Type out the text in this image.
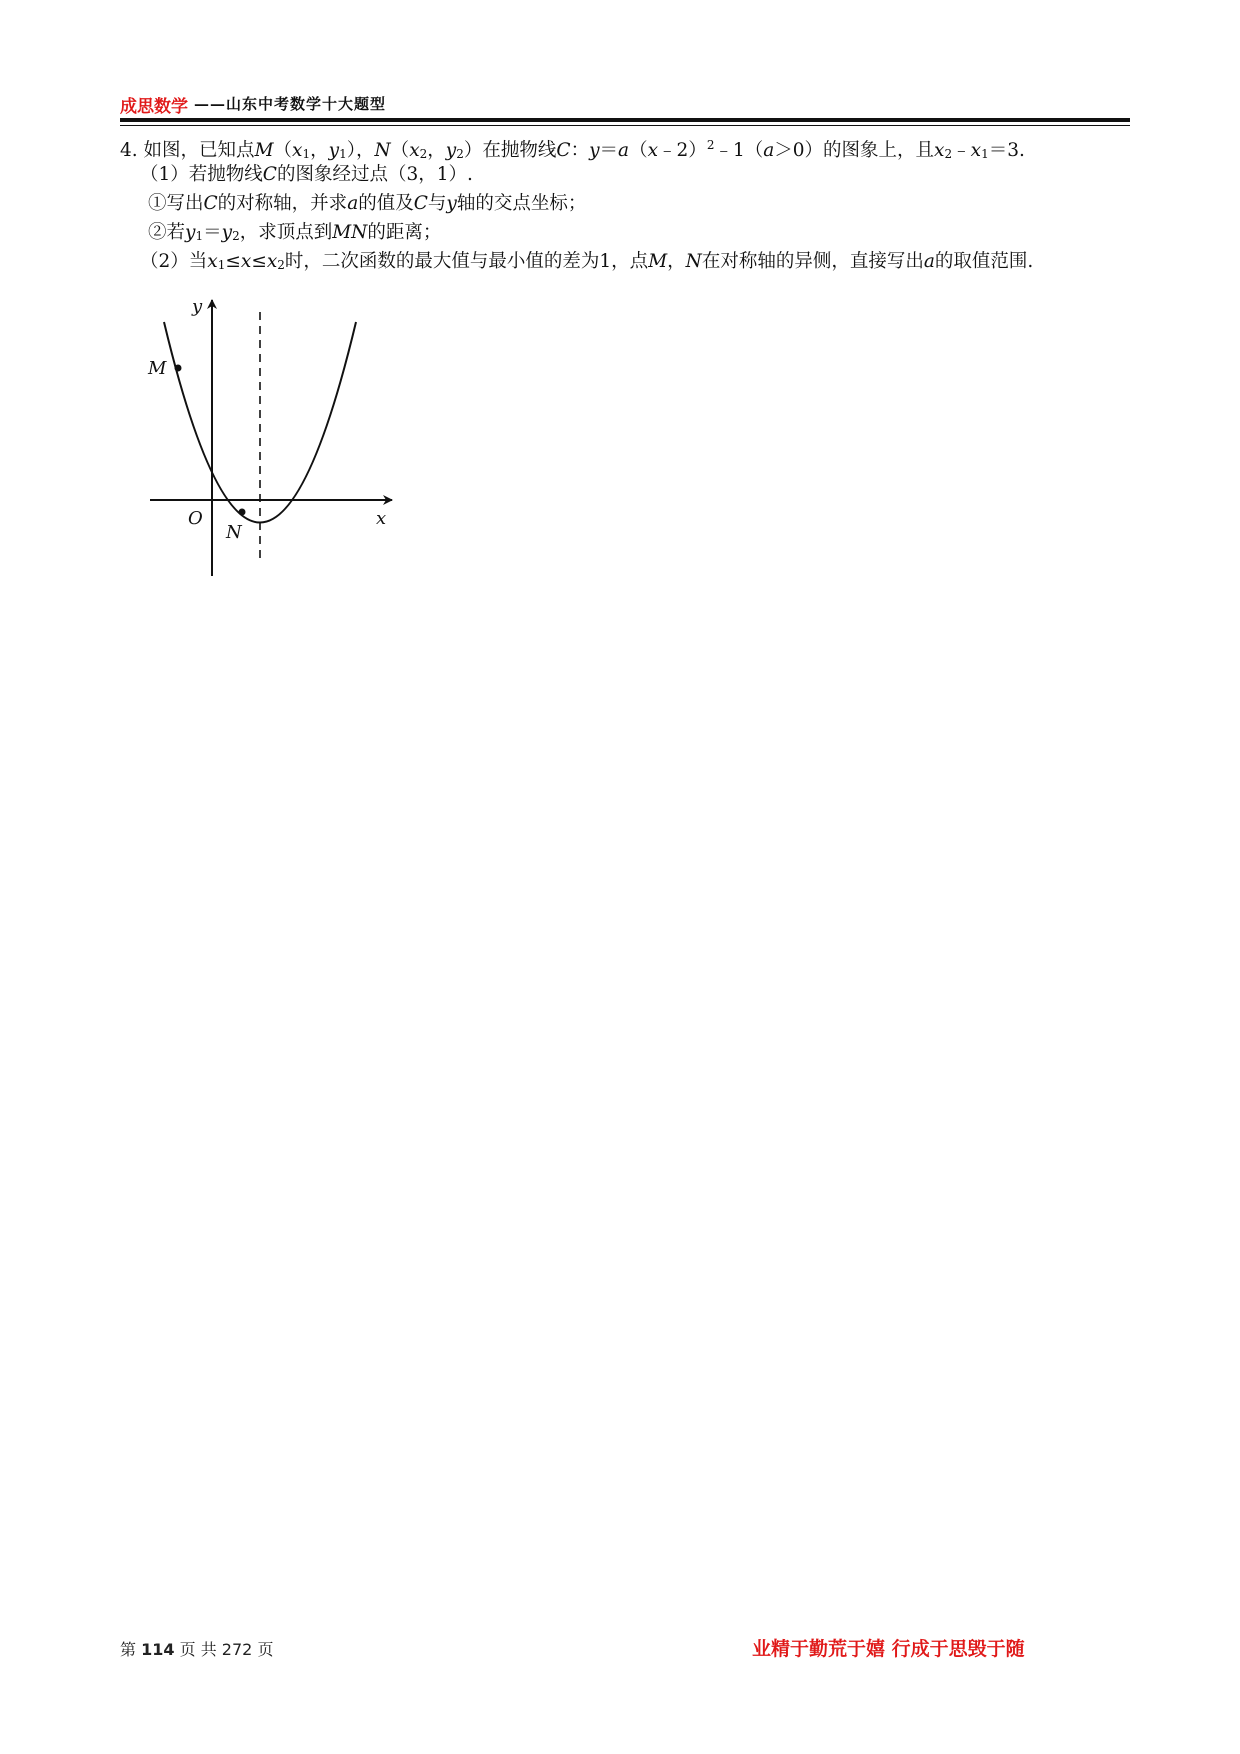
成思数学 ——山东中考数学十大题型
4. 如图，已知点M（x1，y1），N（x2，y2）在抛物线C：y＝a（x﹣2）$^2$﹣1（a＞0）的图象上，且x2﹣x1＝3.
（1）若抛物线C的图象经过点（3，1）.
①写出C的对称轴，并求a的值及C与y轴的交点坐标；
②若y1＝y2，求顶点到MN的距离；
（2）当x1≤x≤x2时，二次函数的最大值与最小值的差为1，点M，N在对称轴的异侧，直接写出a的取值范围.
y
x
O
M
N
第 114 页 共 272 页	业精于勤荒于嬉 行成于思毁于随
